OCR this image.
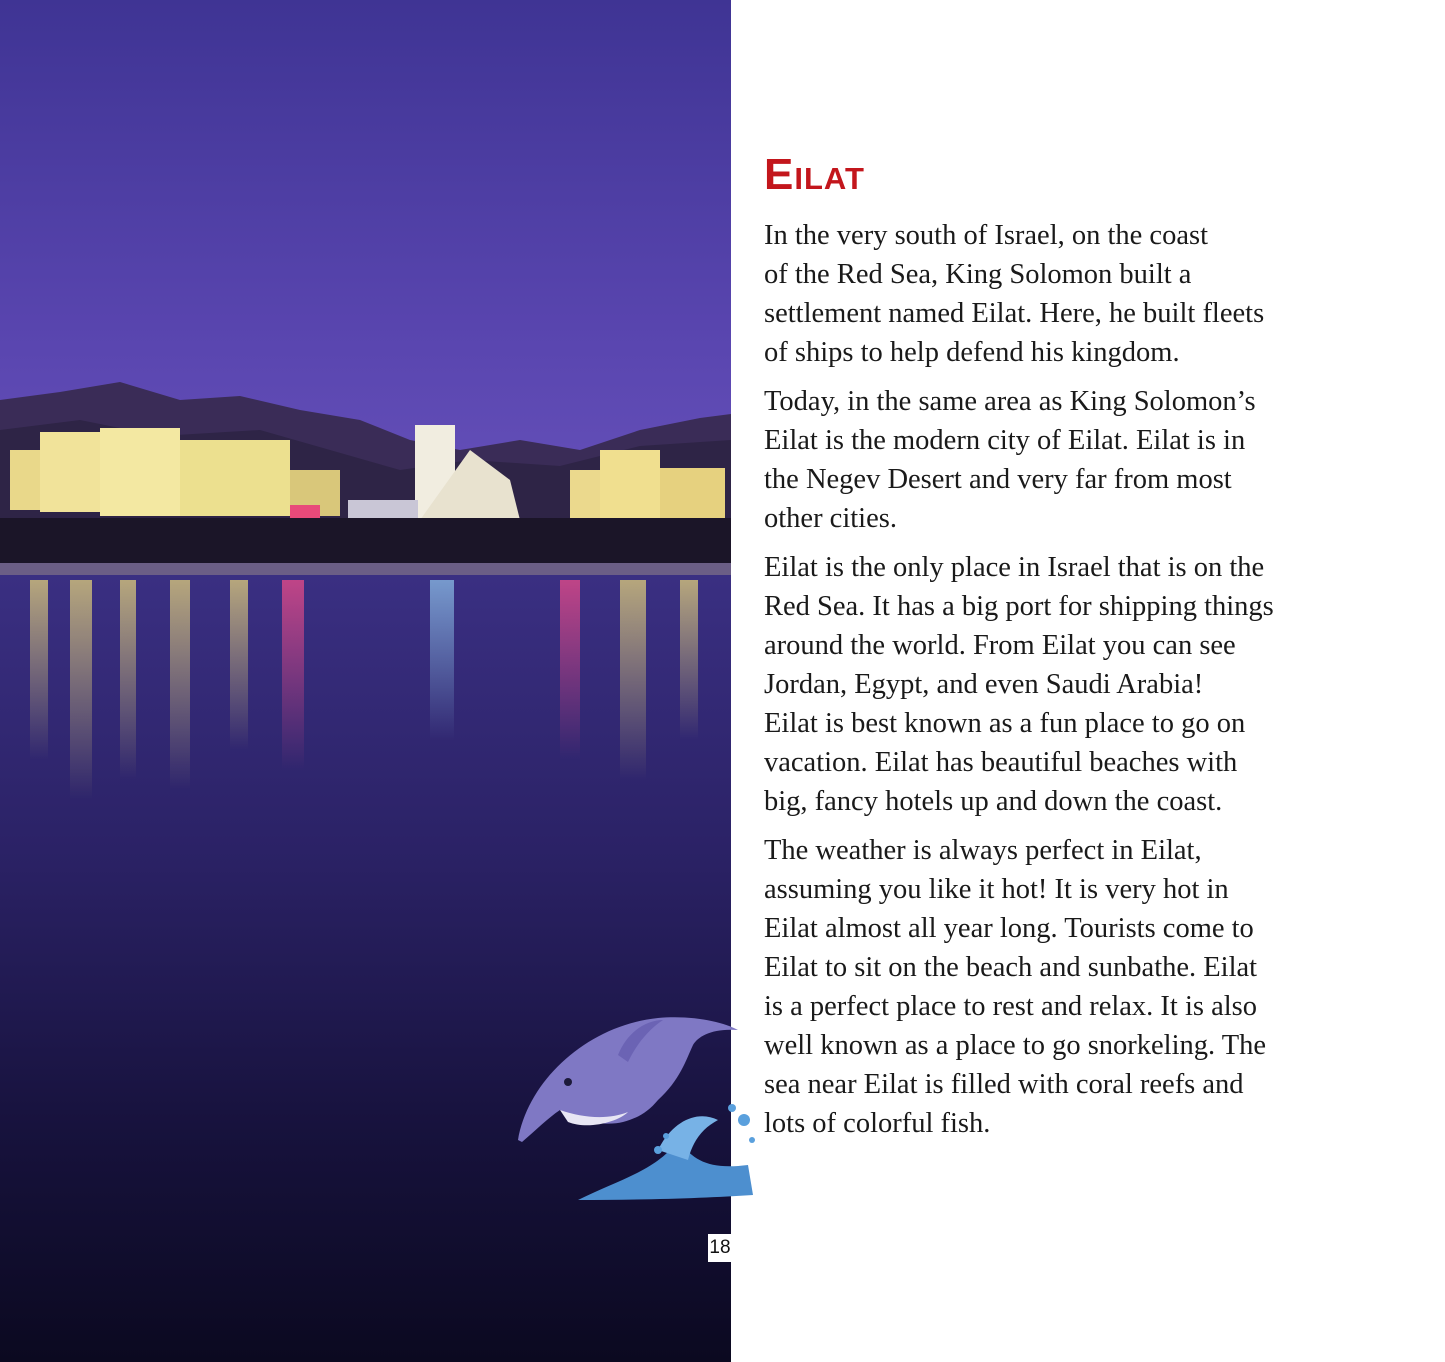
18
Eilat

In the very south of Israel, on the coast
of the Red Sea, King Solomon built a
settlement named Eilat. Here, he built fleets
of ships to help defend his kingdom.

Today, in the same area as King Solomon’s
Eilat is the modern city of Eilat. Eilat is in
the Negev Desert and very far from most
other cities.

Eilat is the only place in Israel that is on the
Red Sea. It has a big port for shipping things
around the world. From Eilat you can see
Jordan, Egypt, and even Saudi Arabia!
Eilat is best known as a fun place to go on
vacation. Eilat has beautiful beaches with
big, fancy hotels up and down the coast.

The weather is always perfect in Eilat,
assuming you like it hot! It is very hot in
Eilat almost all year long. Tourists come to
Eilat to sit on the beach and sunbathe. Eilat
is a perfect place to rest and relax. It is also
well known as a place to go snorkeling. The
sea near Eilat is filled with coral reefs and
lots of colorful fish.
